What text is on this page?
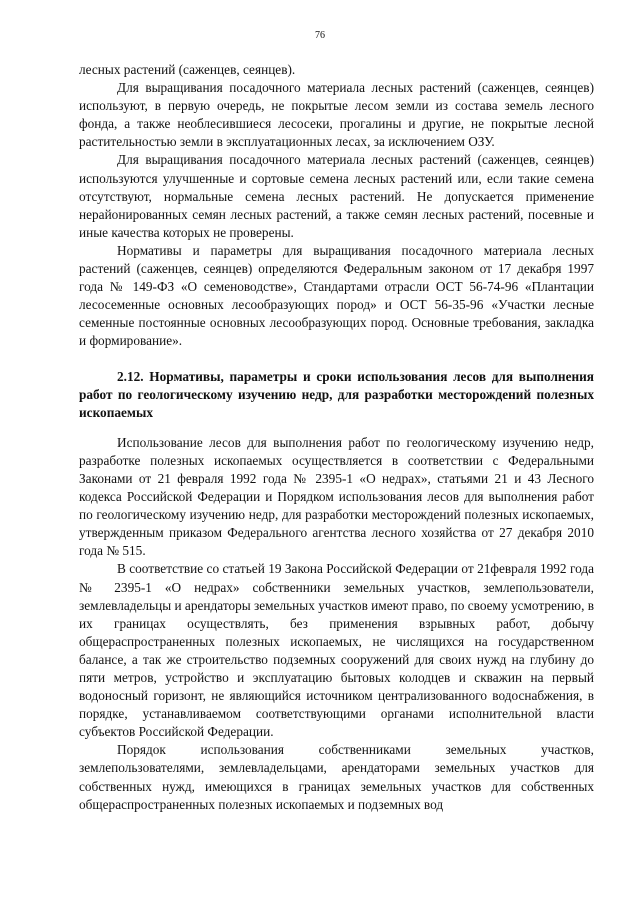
76

лесных растений (саженцев, сеянцев).

Для выращивания посадочного материала лесных растений (саженцев, сеянцев) используют, в первую очередь, не покрытые лесом земли из состава земель лесного фонда, а также необлесившиеся лесосеки, прогалины и другие, не покрытые лесной растительностью земли в эксплуатационных лесах, за исключением ОЗУ.

Для выращивания посадочного материала лесных растений (саженцев, сеянцев) используются улучшенные и сортовые семена лесных растений или, если такие семена отсутствуют, нормальные семена лесных растений. Не допускается применение нерайонированных семян лесных растений, а также семян лесных растений, посевные и иные качества которых не проверены.

Нормативы и параметры для выращивания посадочного материала лесных растений (саженцев, сеянцев) определяются Федеральным законом от 17 декабря 1997 года № 149-ФЗ «О семеноводстве», Стандартами отрасли ОСТ 56-74-96 «Плантации лесосеменные основных лесообразующих пород» и ОСТ 56-35-96 «Участки лесные семенные постоянные основных лесообразующих пород. Основные требования, закладка и формирование».

2.12. Нормативы, параметры и сроки использования лесов для выполнения работ по геологическому изучению недр, для разработки месторождений полезных ископаемых

Использование лесов для выполнения работ по геологическому изучению недр, разработке полезных ископаемых осуществляется в соответствии с Федеральными Законами от 21 февраля 1992 года № 2395-1 «О недрах», статьями 21 и 43 Лесного кодекса Российской Федерации и Порядком использования лесов для выполнения работ по геологическому изучению недр, для разработки месторождений полезных ископаемых, утвержденным приказом Федерального агентства лесного хозяйства от 27 декабря 2010 года № 515.

В соответствие со статьей 19 Закона Российской Федерации от 21февраля 1992 года № 2395-1 «О недрах» собственники земельных участков, землепользователи, землевладельцы и арендаторы земельных участков имеют право, по своему усмотрению, в их границах осуществлять, без применения взрывных работ, добычу общераспространенных полезных ископаемых, не числящихся на государственном балансе, а так же строительство подземных сооружений для своих нужд на глубину до пяти метров, устройство и эксплуатацию бытовых колодцев и скважин на первый водоносный горизонт, не являющийся источником централизованного водоснабжения, в порядке, устанавливаемом соответствующими органами исполнительной власти субъектов Российской Федерации.

Порядок использования собственниками земельных участков, землепользователями, землевладельцами, арендаторами земельных участков для собственных нужд, имеющихся в границах земельных участков для собственных общераспространенных полезных ископаемых и подземных вод
